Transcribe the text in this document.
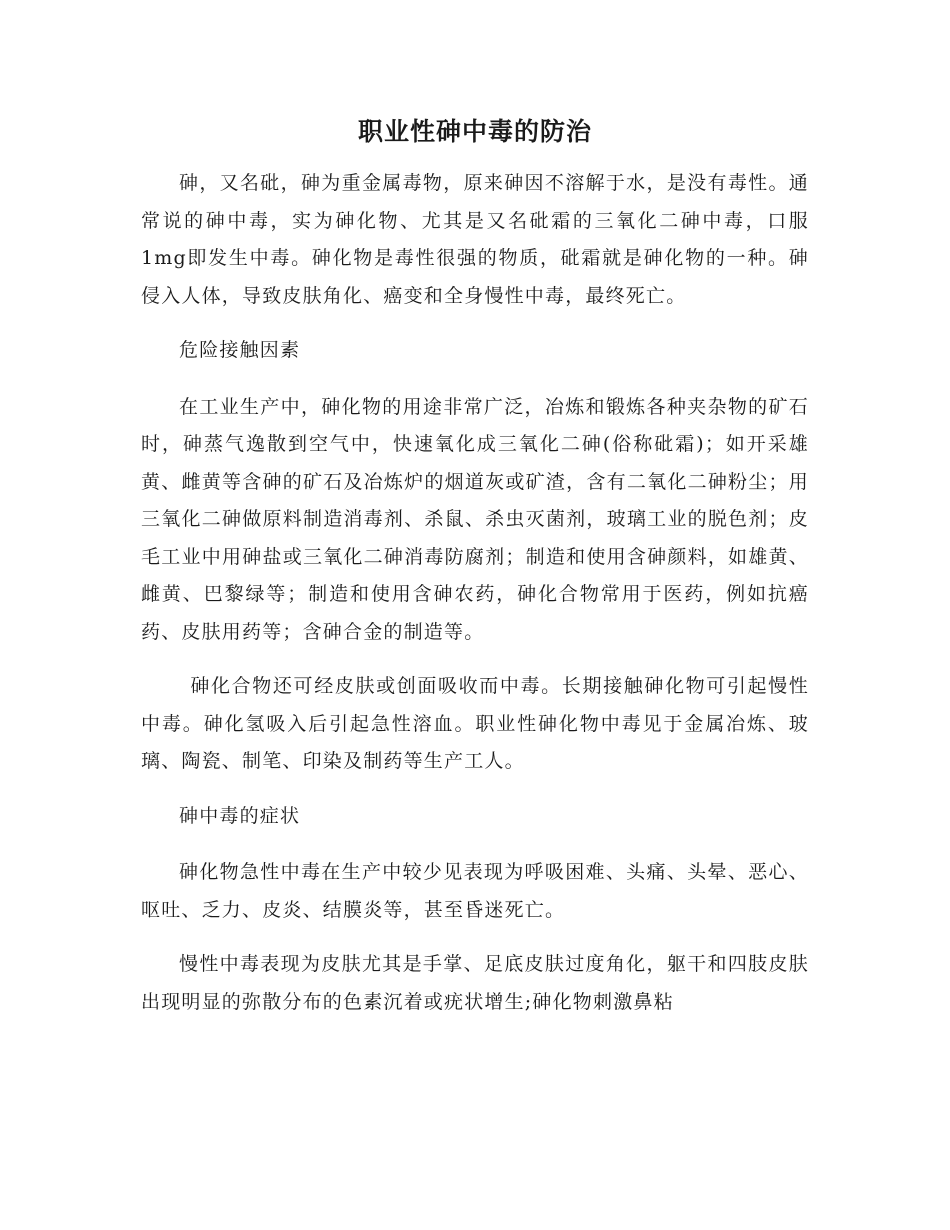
职业性砷中毒的防治

砷，又名砒，砷为重金属毒物，原来砷因不溶解于水，是没有毒性。通常说的砷中毒，实为砷化物、尤其是又名砒霜的三氧化二砷中毒，口服1mg即发生中毒。砷化物是毒性很强的物质，砒霜就是砷化物的一种。砷侵入人体，导致皮肤角化、癌变和全身慢性中毒，最终死亡。

危险接触因素

在工业生产中，砷化物的用途非常广泛，冶炼和锻炼各种夹杂物的矿石时，砷蒸气逸散到空气中，快速氧化成三氧化二砷(俗称砒霜)；如开采雄黄、雌黄等含砷的矿石及冶炼炉的烟道灰或矿渣，含有二氧化二砷粉尘；用三氧化二砷做原料制造消毒剂、杀鼠、杀虫灭菌剂，玻璃工业的脱色剂；皮毛工业中用砷盐或三氧化二砷消毒防腐剂；制造和使用含砷颜料，如雄黄、雌黄、巴黎绿等；制造和使用含砷农药，砷化合物常用于医药，例如抗癌药、皮肤用药等；含砷合金的制造等。

砷化合物还可经皮肤或创面吸收而中毒。长期接触砷化物可引起慢性中毒。砷化氢吸入后引起急性溶血。职业性砷化物中毒见于金属冶炼、玻璃、陶瓷、制笔、印染及制药等生产工人。

砷中毒的症状

砷化物急性中毒在生产中较少见表现为呼吸困难、头痛、头晕、恶心、呕吐、乏力、皮炎、结膜炎等，甚至昏迷死亡。

慢性中毒表现为皮肤尤其是手掌、足底皮肤过度角化，躯干和四肢皮肤出现明显的弥散分布的色素沉着或疣状增生;砷化物刺激鼻粘
